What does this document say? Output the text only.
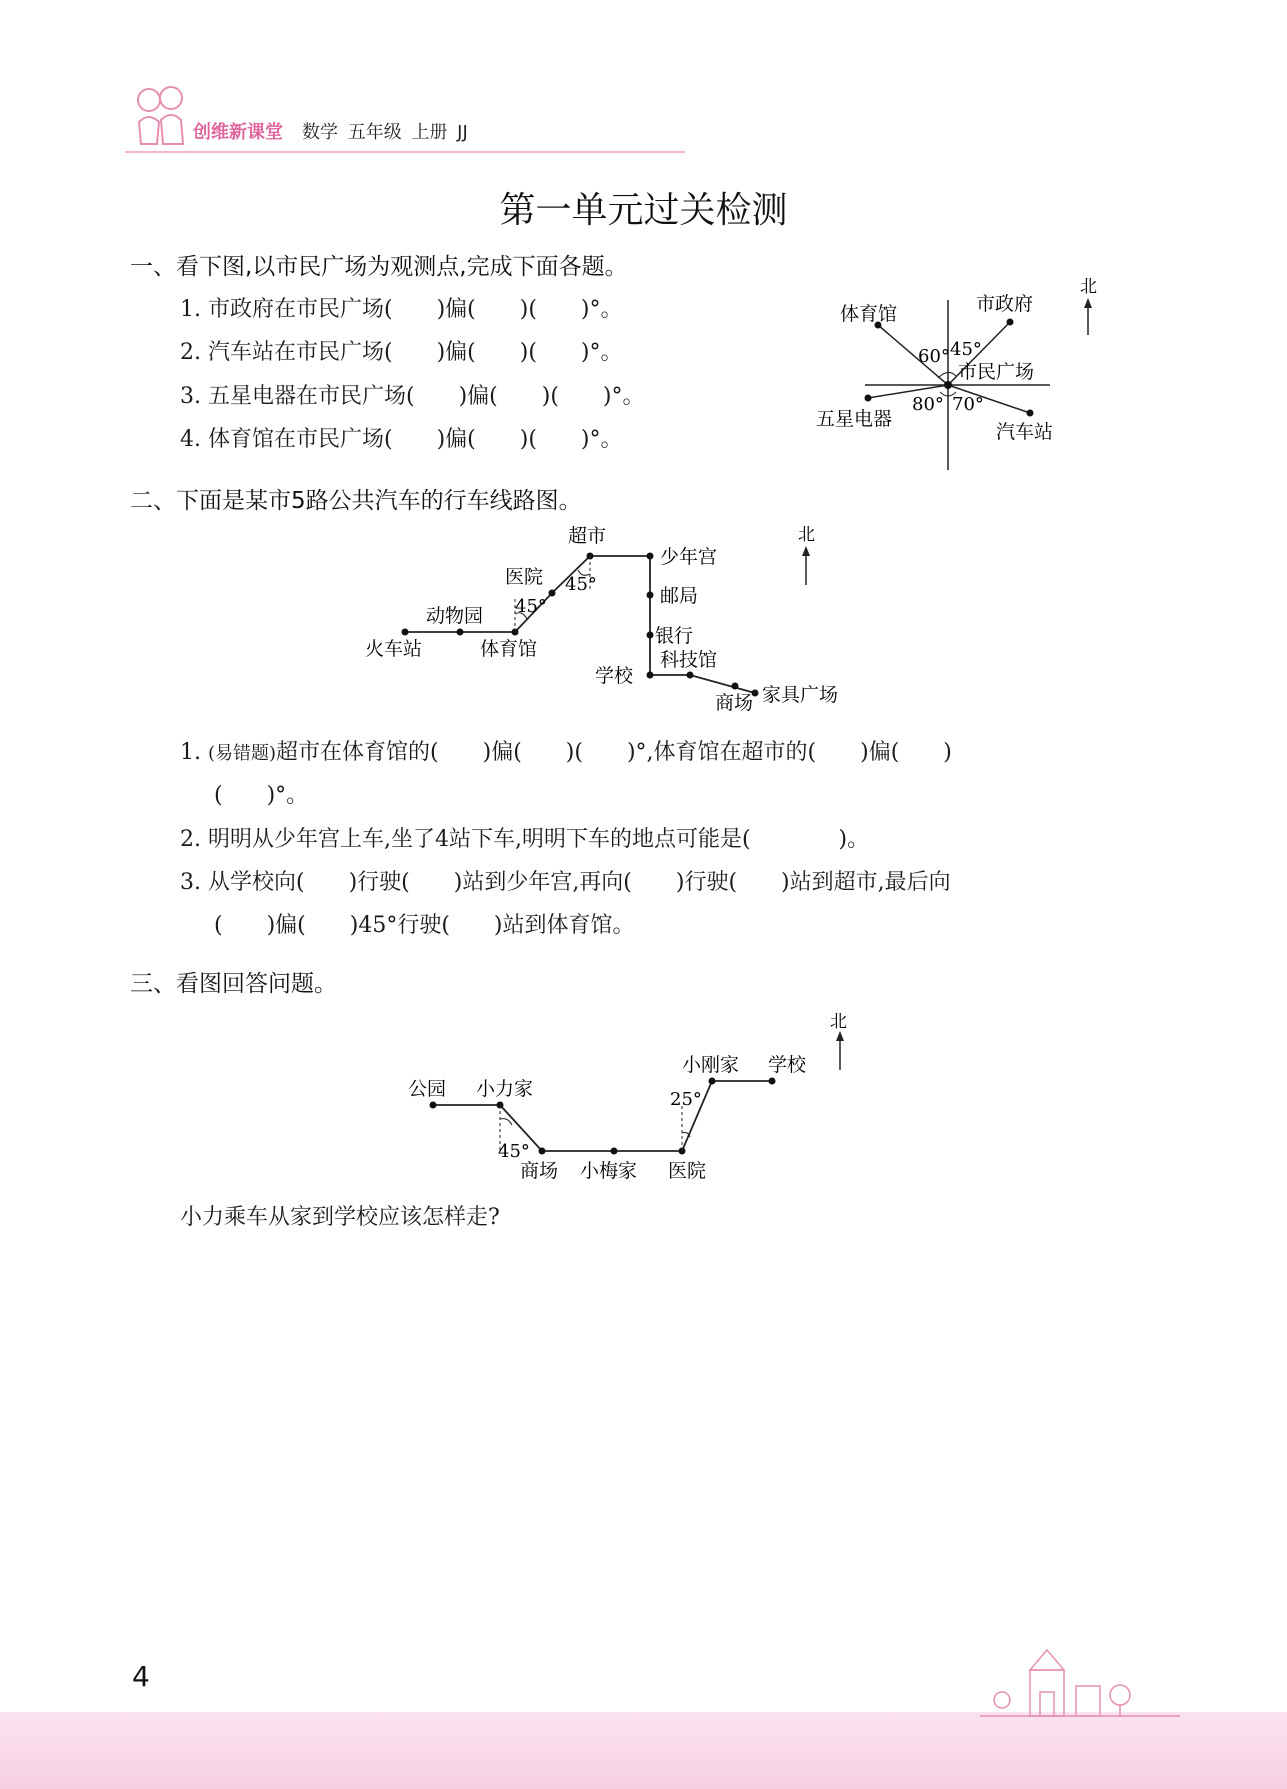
创维新课堂 数学 五年级 上册 JJ
第一单元过关检测
一、看下图,以市民广场为观测点,完成下面各题。
1. 市政府在市民广场(　　)偏(　　)(　　)°。
2. 汽车站在市民广场(　　)偏(　　)(　　)°。
3. 五星电器在市民广场(　　)偏(　　)(　　)°。
4. 体育馆在市民广场(　　)偏(　　)(　　)°。
北
市民广场
市政府
体育馆
五星电器
汽车站
60° 45°
80° 70°
二、下面是某市5路公共汽车的行车线路图。
北
火车站
动物园
体育馆
医院
超市
少年宫
邮局
银行
学校
科技馆
商场 家具广场
45°
45°
1. (易错题)超市在体育馆的(　　)偏(　　)(　　)°,体育馆在超市的(　　)偏(　　)
(　　)°。
2. 明明从少年宫上车,坐了4站下车,明明下车的地点可能是(　　　　)。
3. 从学校向(　　)行驶(　　)站到少年宫,再向(　　)行驶(　　)站到超市,最后向
(　　)偏(　　)45°行驶(　　)站到体育馆。
三、看图回答问题。
北
公园 小力家
商场 小梅家 医院
小刚家 学校
45°
25°
小力乘车从家到学校应该怎样走?
4
